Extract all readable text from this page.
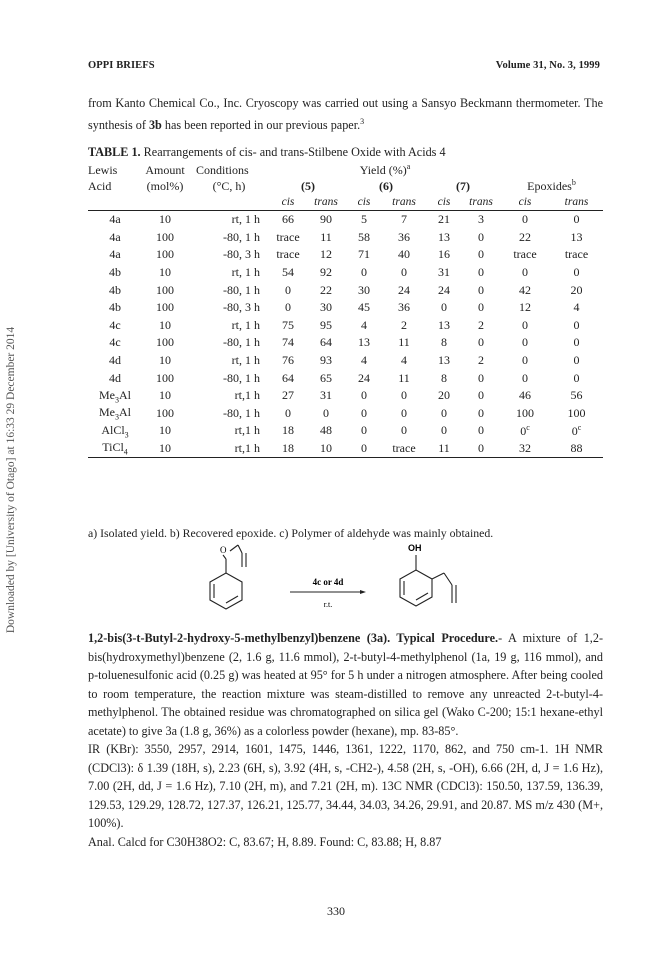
OPPI BRIEFS	Volume 31, No. 3, 1999
Downloaded by [University of Otago] at 16:33 29 December 2014
from Kanto Chemical Co., Inc. Cryoscopy was carried out using a Sansyo Beckmann thermometer. The synthesis of 3b has been reported in our previous paper.$^3$
TABLE 1. Rearrangements of cis- and trans-Stilbene Oxide with Acids 4
Lewis	Amount	Conditions	Yield (%)$^a$	
Acid	(mol%)	(°C, h)	(5)		(6)		(7)		Epoxides$^b$
			cis	trans	cis	trans	cis	trans	cis	trans
4a	10	rt, 1 h	66	90	5	7	21	3	0	0
4a	100	-80, 1 h	trace	11	58	36	13	0	22	13
4a	100	-80, 3 h	trace	12	71	40	16	0	trace	trace
4b	10	rt, 1 h	54	92	0	0	31	0	0	0
4b	100	-80, 1 h	0	22	30	24	24	0	42	20
4b	100	-80, 3 h	0	30	45	36	0	0	12	4
4c	10	rt, 1 h	75	95	4	2	13	2	0	0
4c	100	-80, 1 h	74	64	13	11	8	0	0	0
4d	10	rt, 1 h	76	93	4	4	13	2	0	0
4d	100	-80, 1 h	64	65	24	11	8	0	0	0
$Me_3Al$	10	rt,1 h	27	31	0	0	20	0	46	56
$Me_3Al$	100	-80, 1 h	0	0	0	0	0	0	100	100
AlCl$_3$	10	rt,1 h	18	48	0	0	0	0	0$^c$	0$^c$
TiCl$_4$	10	rt,1 h	18	10	0	trace	11	0	32	88
a) Isolated yield. b) Recovered epoxide. c) Polymer of aldehyde was mainly obtained.
O
4c or 4d
r.t.
OH
1,2-bis(3-t-Butyl-2-hydroxy-5-methylbenzyl)benzene (3a). Typical Procedure.- A mixture of 1,2-bis(hydroxymethyl)benzene (2, 1.6 g, 11.6 mmol), 2-t-butyl-4-methylphenol (1a, 19 g, 116 mmol), and p-toluenesulfonic acid (0.25 g) was heated at 95° for 5 h under a nitrogen atmosphere. After being cooled to room temperature, the reaction mixture was steam-distilled to remove any unreacted 2-t-butyl-4-methylphenol. The obtained residue was chromatographed on silica gel (Wako C-200; 15:1 hexane-ethyl acetate) to give 3a (1.8 g, 36%) as a colorless powder (hexane), mp. 83-85°.
IR (KBr): 3550, 2957, 2914, 1601, 1475, 1446, 1361, 1222, 1170, 862, and 750 cm-1. 1H NMR (CDCl3): δ 1.39 (18H, s), 2.23 (6H, s), 3.92 (4H, s, -CH2-), 4.58 (2H, s, -OH), 6.66 (2H, d, J = 1.6 Hz), 7.00 (2H, dd, J = 1.6 Hz), 7.10 (2H, m), and 7.21 (2H, m). 13C NMR (CDCl3): 150.50, 137.59, 136.39, 129.53, 129.29, 128.72, 127.37, 126.21, 125.77, 34.44, 34.03, 34.26, 29.91, and 20.87. MS m/z 430 (M+, 100%).
Anal. Calcd for C30H38O2: C, 83.67; H, 8.89. Found: C, 83.88; H, 8.87
330
